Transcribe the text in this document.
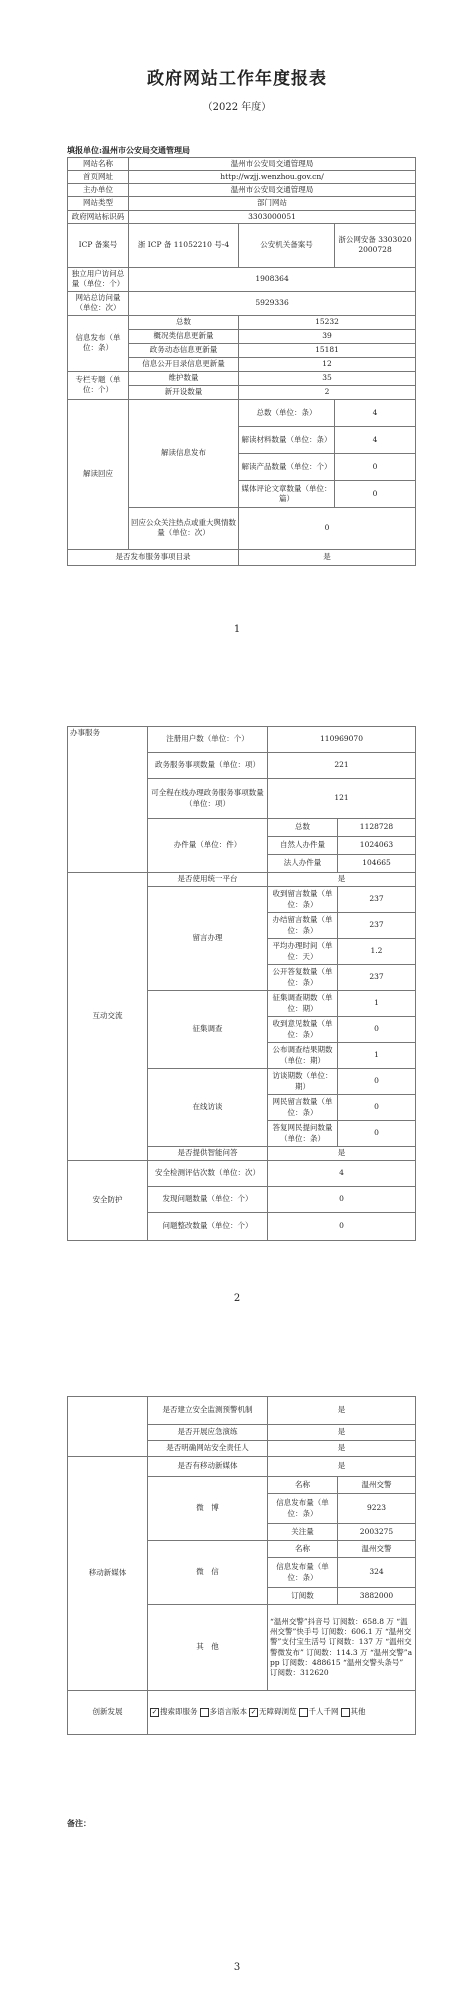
政府网站工作年度报表
（2022 年度）
填报单位:温州市公安局交通管理局
网站名称	温州市公安局交通管理局		
首页网址	http://wzjj.wenzhou.gov.cn/		
主办单位	温州市公安局交通管理局		
网站类型	部门网站		
政府网站标识码	3303000051		
ICP 备案号	浙 ICP 备 11052210 号-4	公安机关备案号	浙公网安备 33030202000728
独立用户访问总量（单位：个）	1908364		
网站总访问量（单位：次）	5929336		
信息发布（单位：条）	总数	15232	
	概况类信息更新量	39	
	政务动态信息更新量	15181	
	信息公开目录信息更新量	12	
专栏专题（单位：个）	维护数量	35	
	新开设数量	2	
解读回应	解读信息发布	总数（单位：条）	4
		解读材料数量（单位：条）	4
		解读产品数量（单位：个）	0
		媒体评论文章数量（单位：篇）	0
	回应公众关注热点或重大舆情数量（单位：次）	0	
是否发布服务事项目录		是	
1
办事服务	注册用户数（单位：个）	110969070	
	政务服务事项数量（单位：项）	221	
	可全程在线办理政务服务事项数量（单位：项）	121	
	办件量（单位：件）	总数	1128728
		自然人办件量	1024063
		法人办件量	104665
互动交流	是否使用统一平台	是	
	留言办理	收到留言数量（单位：条）	237
		办结留言数量（单位：条）	237
		平均办理时间（单位：天）	1.2
		公开答复数量（单位：条）	237
	征集调查	征集调查期数（单位：期）	1
		收到意见数量（单位：条）	0
		公布调查结果期数（单位：期）	1
	在线访谈	访谈期数（单位：期）	0
		网民留言数量（单位：条）	0
		答复网民提问数量（单位：条）	0
	是否提供智能问答	是	
安全防护	安全检测评估次数（单位：次）	4	
	发现问题数量（单位：个）	0	
	问题整改数量（单位：个）	0	
2
	是否建立安全监测预警机制	是	
	是否开展应急演练	是	
	是否明确网站安全责任人	是	
移动新媒体	是否有移动新媒体	是	
	微　博	名称	温州交警
		信息发布量（单位：条）	9223
		关注量	2003275
	微　信	名称	温州交警
		信息发布量（单位：条）	324
		订阅数	3882000
	其　他	“温州交警”抖音号 订阅数：658.8 万 “温州交警”快手号 订阅数：606.1 万 “温州交警”支付宝生活号 订阅数：137 万 “温州交警微发布” 订阅数：114.3 万 “温州交警”app 订阅数：488615 “温州交警头条号” 订阅数：312620	
创新发展	✓ 搜索即服务 多语言版本 ✓ 无障碍浏览 千人千网 其他		
备注：
3
